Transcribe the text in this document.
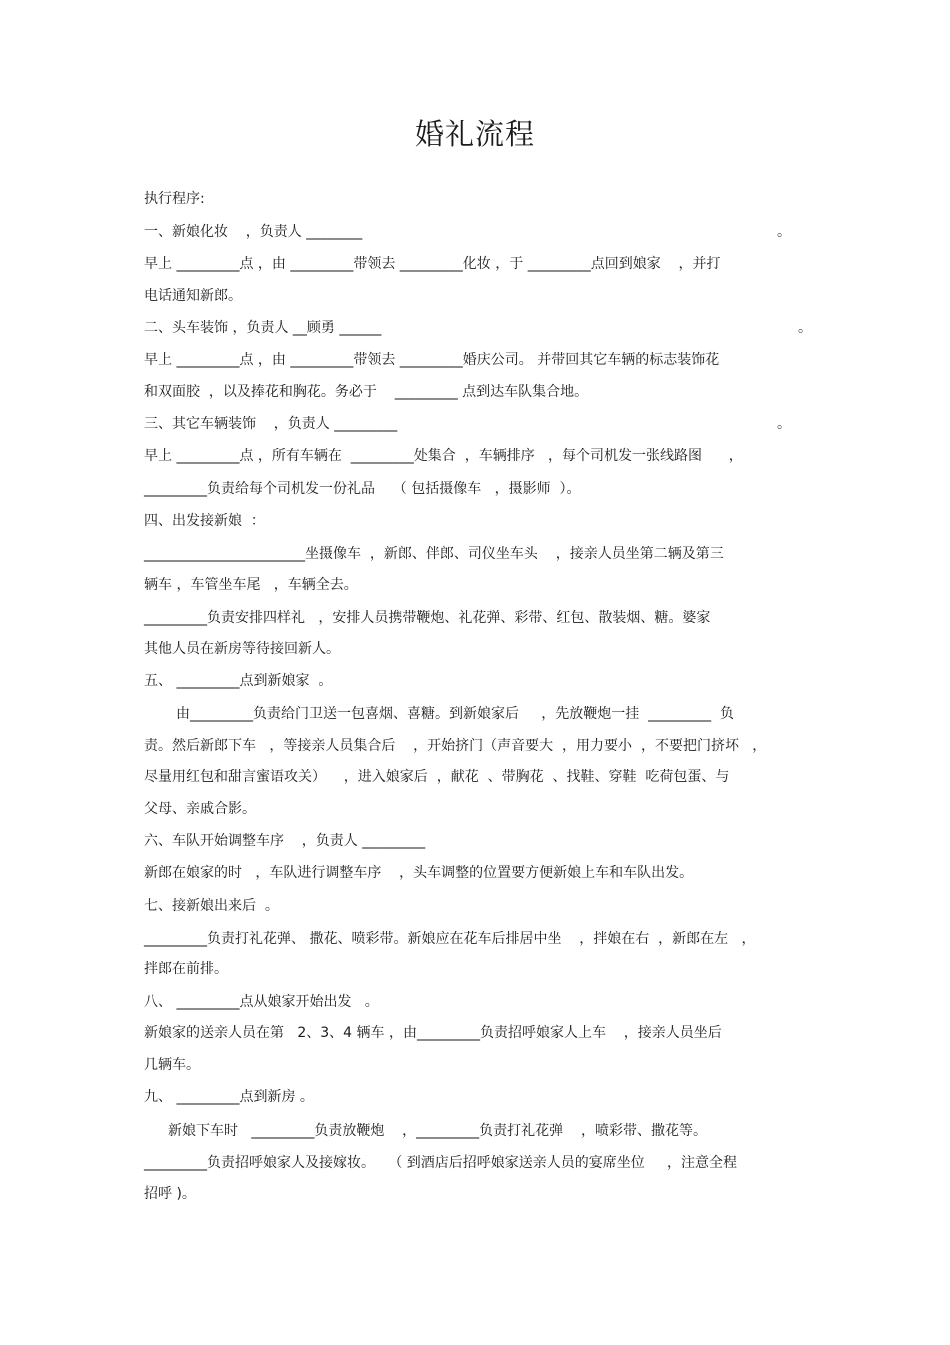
婚礼流程
执行程序:
一、新娘化妆    ，负责人 ________	。
早上 _________点 ，由 _________带领去 _________化妆 ，于 _________点回到娘家    ，并打
电话通知新郎。
二、头车装饰 ，负责人 __顾勇 ______	。
早上 _________点 ，由 _________带领去 _________婚庆公司。 并带回其它车辆的标志装饰花
和双面胶  ，以及捧花和胸花。务必于    _________ 点到达车队集合地。
三、其它车辆装饰    ，负责人 _________	。
早上 _________点 ，所有车辆在  _________处集合  ，车辆排序   ，每个司机发一张线路图      ，
_________负责给每个司机发一份礼品    （ 包括摄像车   ，摄影师  ）。
四、出发接新娘  ：
_______________________坐摄像车  ，新郎、伴郎、司仪坐车头    ，接亲人员坐第二辆及第三
辆车 ，车管坐车尾   ，车辆全去。
_________负责安排四样礼   ，安排人员携带鞭炮、礼花弹、彩带、红包、散装烟、糖。婆家
其他人员在新房等待接回新人。
五、 _________点到新娘家  。
由_________负责给门卫送一包喜烟、喜糖。到新娘家后     ，先放鞭炮一挂  _________  负
责。然后新郎下车   ，等接亲人员集合后    ，开始挤门（声音要大  ，用力要小  ，不要把门挤坏   ，
尽量用红包和甜言蜜语攻关）    ，进入娘家后  ，献花  、带胸花  、找鞋、穿鞋  吃荷包蛋、与
父母、亲戚合影。
六、车队开始调整车序    ，负责人 _________
新郎在娘家的时   ，车队进行调整车序    ，头车调整的位置要方便新娘上车和车队出发。
七、接新娘出来后  。
_________负责打礼花弹、 撒花、喷彩带。新娘应在花车后排居中坐    ，拌娘在右  ，新郎在左   ，
拌郎在前排。
八、 _________点从娘家开始出发   。
新娘家的送亲人员在第   2、3、4 辆车 ，由_________负责招呼娘家人上车    ，接亲人员坐后
几辆车。
九、 _________点到新房 。
新娘下车时   _________负责放鞭炮    ，_________负责打礼花弹    ，喷彩带、撒花等。
_________负责招呼娘家人及接嫁妆。   （ 到酒店后招呼娘家送亲人员的宴席坐位     ，注意全程
招呼 )。
